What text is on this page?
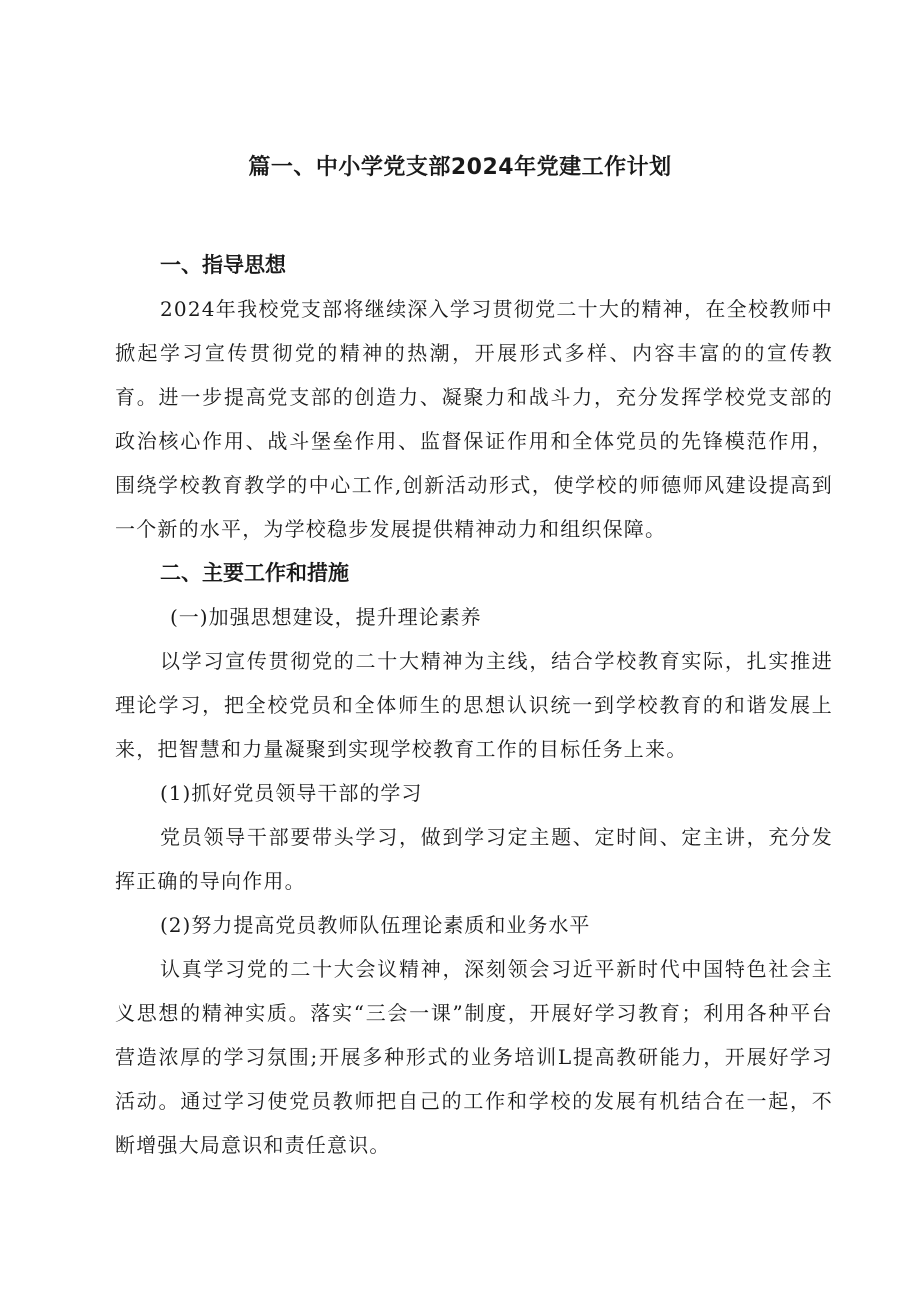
篇一、中小学党支部2024年党建工作计划

一、指导思想

2024年我校党支部将继续深入学习贯彻党二十大的精神，在全校教师中掀起学习宣传贯彻党的精神的热潮，开展形式多样、内容丰富的的宣传教育。进一步提高党支部的创造力、凝聚力和战斗力，充分发挥学校党支部的政治核心作用、战斗堡垒作用、监督保证作用和全体党员的先锋模范作用，围绕学校教育教学的中心工作,创新活动形式，使学校的师德师风建设提高到一个新的水平，为学校稳步发展提供精神动力和组织保障。

二、主要工作和措施

(一)加强思想建设，提升理论素养

以学习宣传贯彻党的二十大精神为主线，结合学校教育实际，扎实推进理论学习，把全校党员和全体师生的思想认识统一到学校教育的和谐发展上来，把智慧和力量凝聚到实现学校教育工作的目标任务上来。

(1)抓好党员领导干部的学习

党员领导干部要带头学习，做到学习定主题、定时间、定主讲，充分发挥正确的导向作用。

(2)努力提高党员教师队伍理论素质和业务水平

认真学习党的二十大会议精神，深刻领会习近平新时代中国特色社会主义思想的精神实质。落实“三会一课”制度，开展好学习教育；利用各种平台营造浓厚的学习氛围;开展多种形式的业务培训L提高教研能力，开展好学习活动。通过学习使党员教师把自己的工作和学校的发展有机结合在一起，不断增强大局意识和责任意识。
